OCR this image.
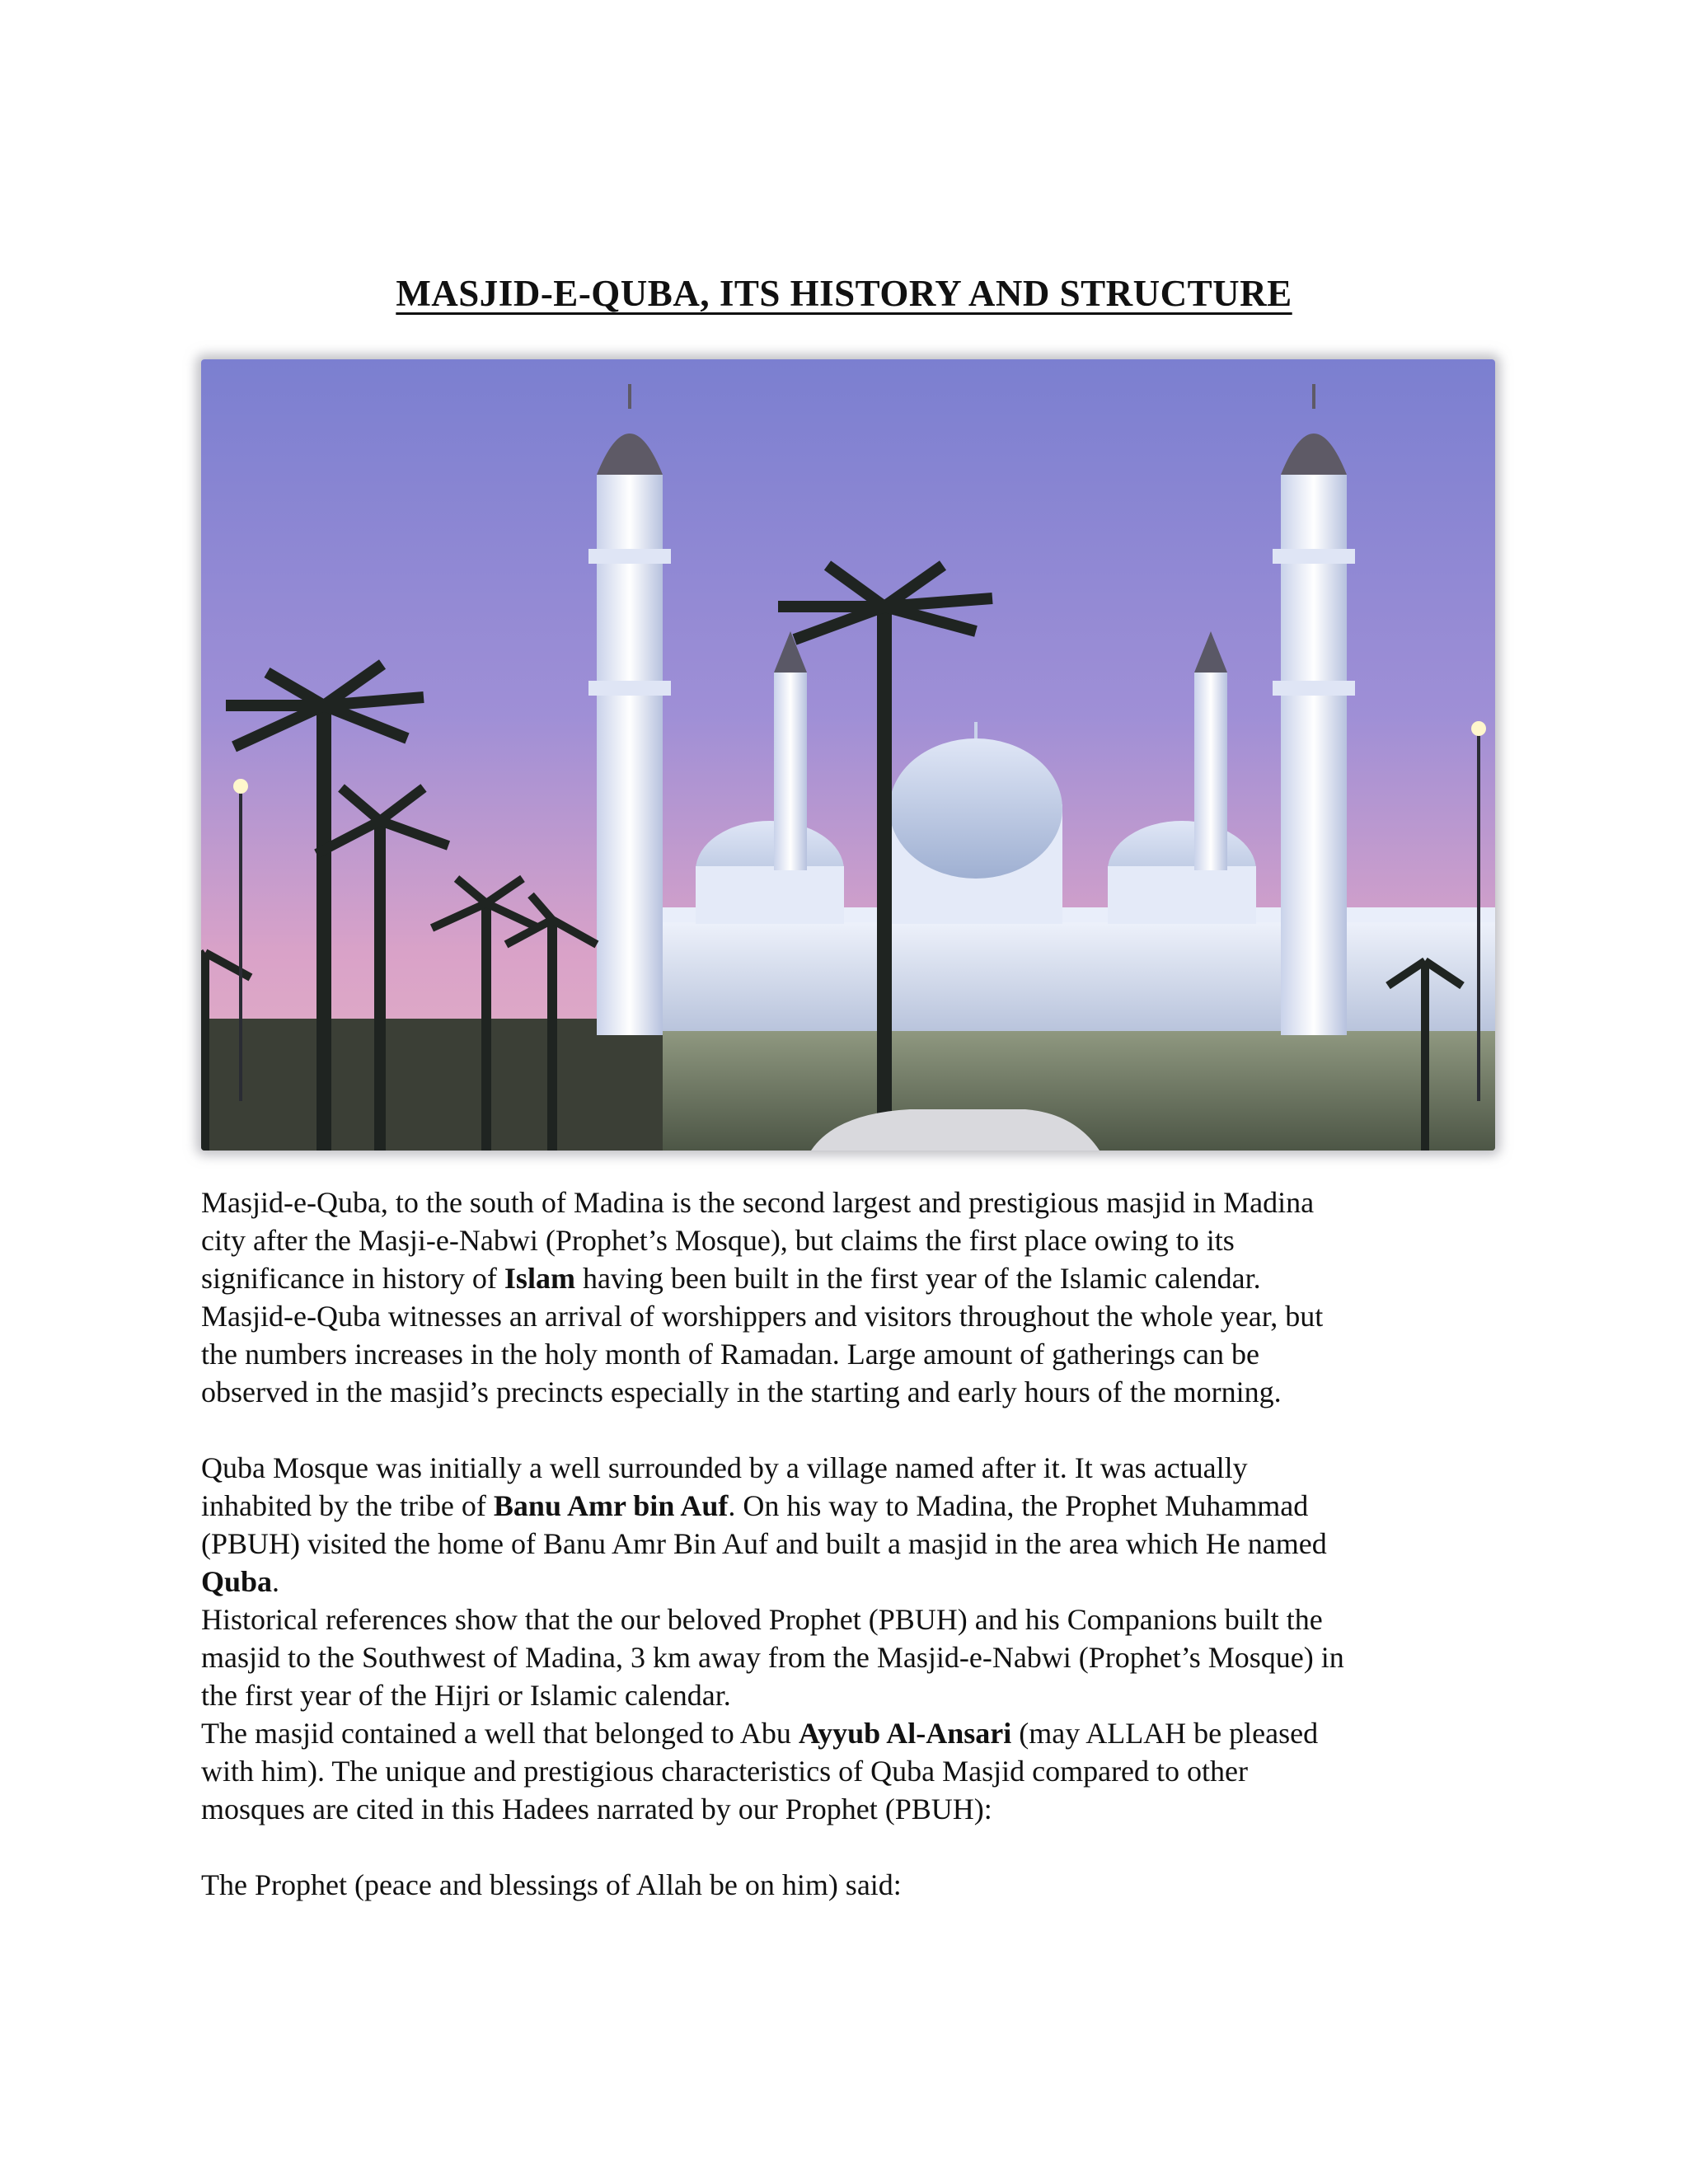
MASJID-E-QUBA, ITS HISTORY AND STRUCTURE

Masjid-e-Quba, to the south of Madina is the second largest and prestigious masjid in Madina
city after the Masji-e-Nabwi (Prophet’s Mosque), but claims the first place owing to its
significance in history of Islam having been built in the first year of the Islamic calendar.
Masjid-e-Quba witnesses an arrival of worshippers and visitors throughout the whole year, but
the numbers increases in the holy month of Ramadan. Large amount of gatherings can be
observed in the masjid’s precincts especially in the starting and early hours of the morning.

Quba Mosque was initially a well surrounded by a village named after it. It was actually
inhabited by the tribe of Banu Amr bin Auf. On his way to Madina, the Prophet Muhammad
(PBUH) visited the home of Banu Amr Bin Auf and built a masjid in the area which He named
Quba.

Historical references show that the our beloved Prophet (PBUH) and his Companions built the
masjid to the Southwest of Madina, 3 km away from the Masjid-e-Nabwi (Prophet’s Mosque) in
the first year of the Hijri or Islamic calendar.

The masjid contained a well that belonged to Abu Ayyub Al-Ansari (may ALLAH be pleased
with him). The unique and prestigious characteristics of Quba Masjid compared to other
mosques are cited in this Hadees narrated by our Prophet (PBUH):

The Prophet (peace and blessings of Allah be on him) said:
